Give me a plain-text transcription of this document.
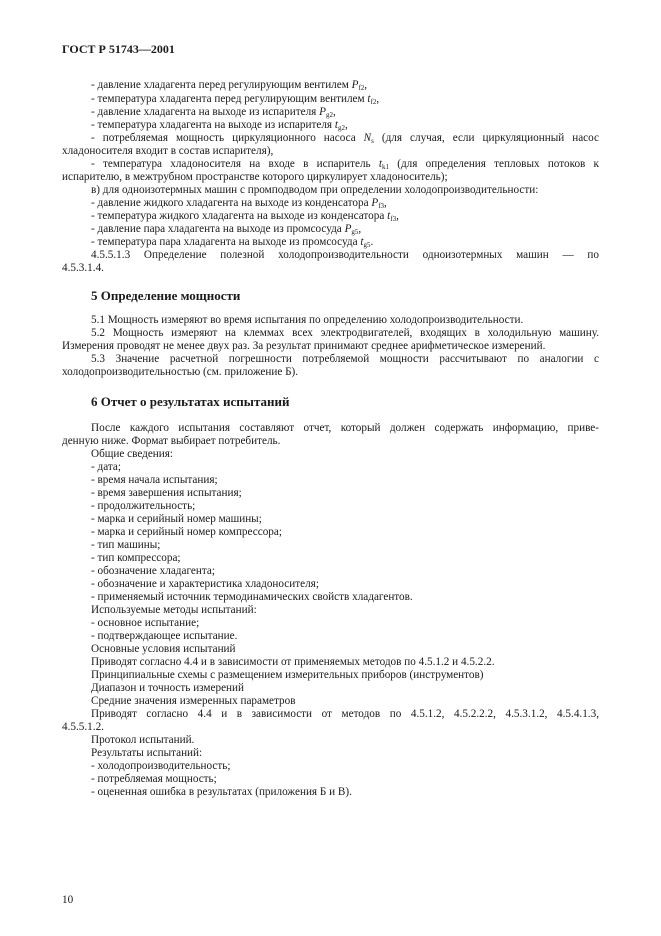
ГОСТ Р 51743—2001
- давление хладагента перед регулирующим вентилем $P_{f2}$,
- температура хладагента перед регулирующим вентилем $t_{f2}$,
- давление хладагента на выходе из испарителя $P_{g2}$,
- температура хладагента на выходе из испарителя $t_{g2}$,
- потребляемая мощность циркуляционного насоса $N_s$ (для случая, если циркуляционный насос
хладоносителя входит в состав испарителя),
- температура хладоносителя на входе в испаритель $t_{k1}$ (для определения тепловых потоков к
испарителю, в межтрубном пространстве которого циркулирует хладоноситель);
в) для одноизотермных машин с промподводом при определении холодопроизводительности:
- давление жидкого хладагента на выходе из конденсатора $P_{f3}$,
- температура жидкого хладагента на выходе из конденсатора $t_{f3}$,
- давление пара хладагента на выходе из промсосуда $P_{g5}$,
- температура пара хладагента на выходе из промсосуда $t_{g5}$.
4.5.5.1.3 Определение полезной холодопроизводительности одноизотермных машин — по
4.5.3.1.4.
5 Определение мощности
5.1 Мощность измеряют во время испытания по определению холодопроизводительности.
5.2 Мощность измеряют на клеммах всех электродвигателей, входящих в холодильную машину.
Измерения проводят не менее двух раз. За результат принимают среднее арифметическое измерений.
5.3 Значение расчетной погрешности потребляемой мощности рассчитывают по аналогии с
холодопроизводительностью (см. приложение Б).
6 Отчет о результатах испытаний
После каждого испытания составляют отчет, который должен содержать информацию, приве-
денную ниже. Формат выбирает потребитель.
Общие сведения:
- дата;
- время начала испытания;
- время завершения испытания;
- продолжительность;
- марка и серийный номер машины;
- марка и серийный номер компрессора;
- тип машины;
- тип компрессора;
- обозначение хладагента;
- обозначение и характеристика хладоносителя;
- применяемый источник термодинамических свойств хладагентов.
Используемые методы испытаний:
- основное испытание;
- подтверждающее испытание.
Основные условия испытаний
Приводят согласно 4.4 и в зависимости от применяемых методов по 4.5.1.2 и 4.5.2.2.
Принципиальные схемы с размещением измерительных приборов (инструментов)
Диапазон и точность измерений
Средние значения измеренных параметров
Приводят согласно 4.4 и в зависимости от методов по 4.5.1.2, 4.5.2.2.2, 4.5.3.1.2, 4.5.4.1.3,
4.5.5.1.2.
Протокол испытаний.
Результаты испытаний:
- холодопроизводительность;
- потребляемая мощность;
- оцененная ошибка в результатах (приложения Б и В).
10
